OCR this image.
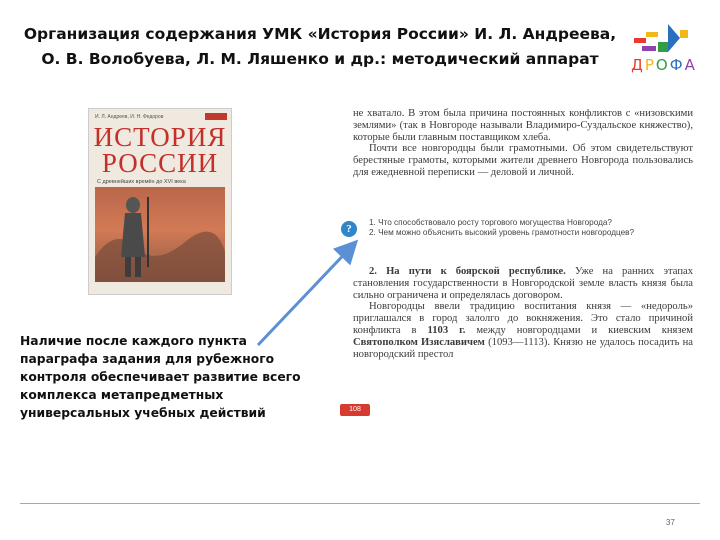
Организация содержания УМК «История России» И. Л. Андреева,
О. В. Волобуева, Л. М. Ляшенко и др.: методический аппарат	ДРОФА
И. Л. Андреев, И. Н. Федоров
ИСТОРИЯ
РОССИИ
С древнейших времён до XVI века

не хватало. В этом была причина постоянных конфликтов с «низовскими землями» (так в Новгороде называли Владимиро-Суздальское княжество), которые были главным поставщиком хлеба.

Почти все новгородцы были грамотными. Об этом свидетельствуют берестяные грамоты, которыми жители древнего Новгорода пользовались для ежедневной переписки — деловой и личной.

?
1. Что способствовало росту торгового могущества Новгорода?
2. Чем можно объяснить высокий уровень грамотности новгородцев?

2. На пути к боярской республике. Уже на ранних этапах становления государственности в Новгородской земле власть князя была сильно ограничена и определялась договором.

Новгородцы ввели традицию воспитания князя — «недороль» приглашался в город залолго до вокняжения. Это стало причиной конфликта в 1103 г. между новгородцами и киевским князем Святополком Изяславичем (1093—1113). Князю не удалось посадить на новгородский престол

108
Наличие после каждого пункта параграфа задания для рубежного контроля обеспечивает развитие всего комплекса метапредметных универсальных учебных действий
37
